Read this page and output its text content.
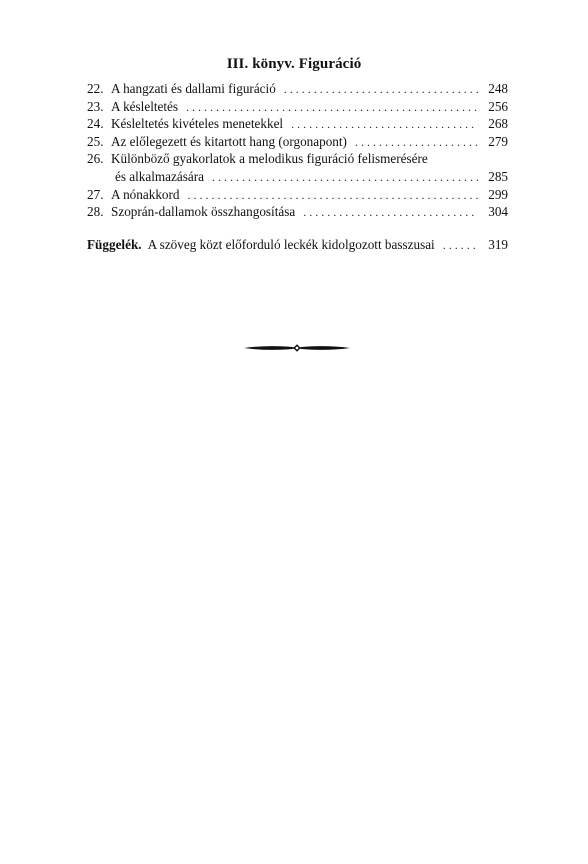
III. könyv. Figuráció
22. A hangzati és dallami figuráció . . .	248
23. A késleltetés . . .	256
24. Késleltetés kivételes menetekkel . . .	268
25. Az előlegezett és kitartott hang (orgonapont) . . .	279
26. Különböző gyakorlatok a melodikus figuráció felismerésére
és alkalmazására . . .	285
27. A nónakkord . . .	299
28. Szoprán-dallamok összhangosítása . . .	304
Függelék. A szöveg közt előforduló leckék kidolgozott basszusai . . .	319
